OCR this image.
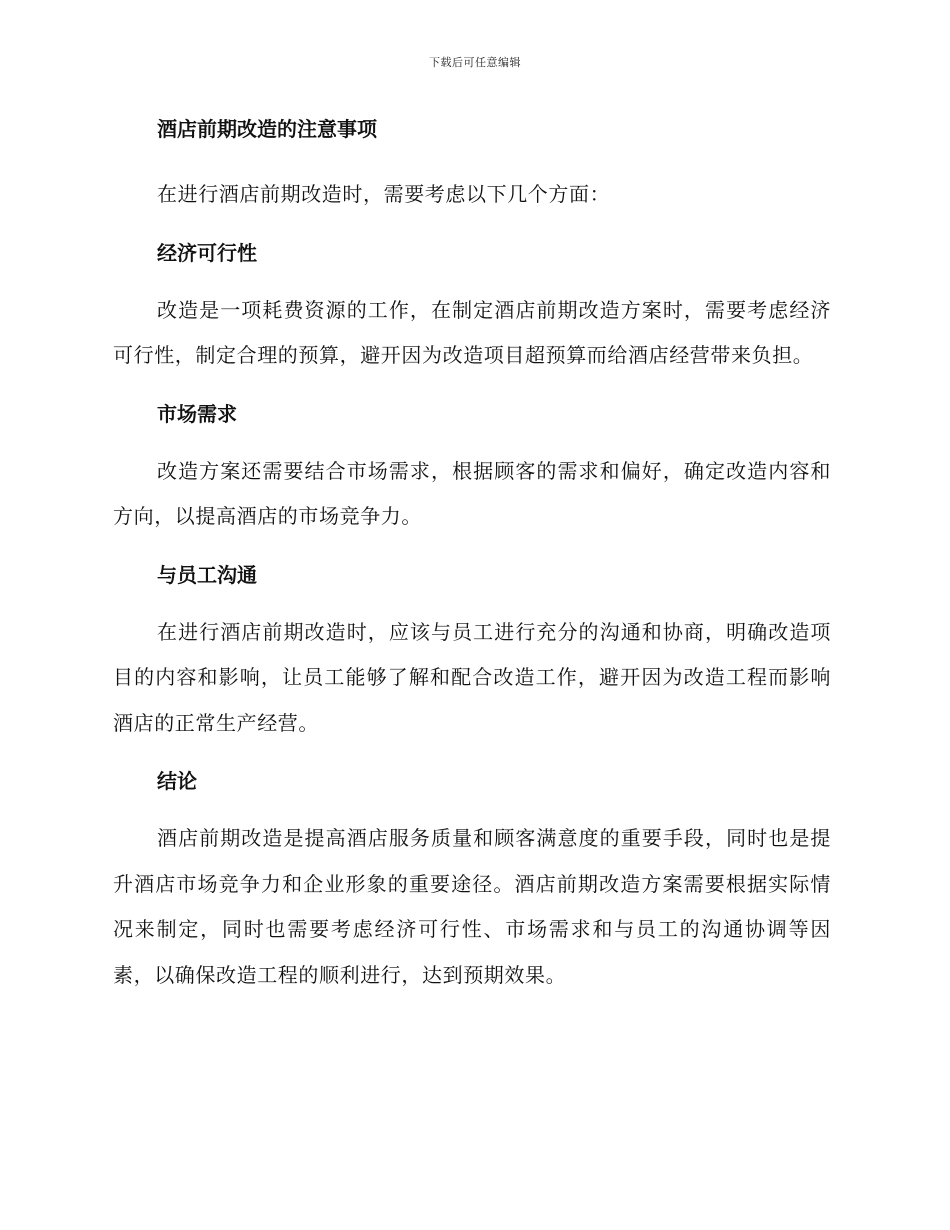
下载后可任意编辑
酒店前期改造的注意事项

在进行酒店前期改造时，需要考虑以下几个方面：

经济可行性

改造是一项耗费资源的工作，在制定酒店前期改造方案时，需要考虑经济可行性，制定合理的预算，避开因为改造项目超预算而给酒店经营带来负担。

市场需求

改造方案还需要结合市场需求，根据顾客的需求和偏好，确定改造内容和方向，以提高酒店的市场竞争力。

与员工沟通

在进行酒店前期改造时，应该与员工进行充分的沟通和协商，明确改造项目的内容和影响，让员工能够了解和配合改造工作，避开因为改造工程而影响酒店的正常生产经营。

结论

酒店前期改造是提高酒店服务质量和顾客满意度的重要手段，同时也是提升酒店市场竞争力和企业形象的重要途径。酒店前期改造方案需要根据实际情况来制定，同时也需要考虑经济可行性、市场需求和与员工的沟通协调等因素，以确保改造工程的顺利进行，达到预期效果。
